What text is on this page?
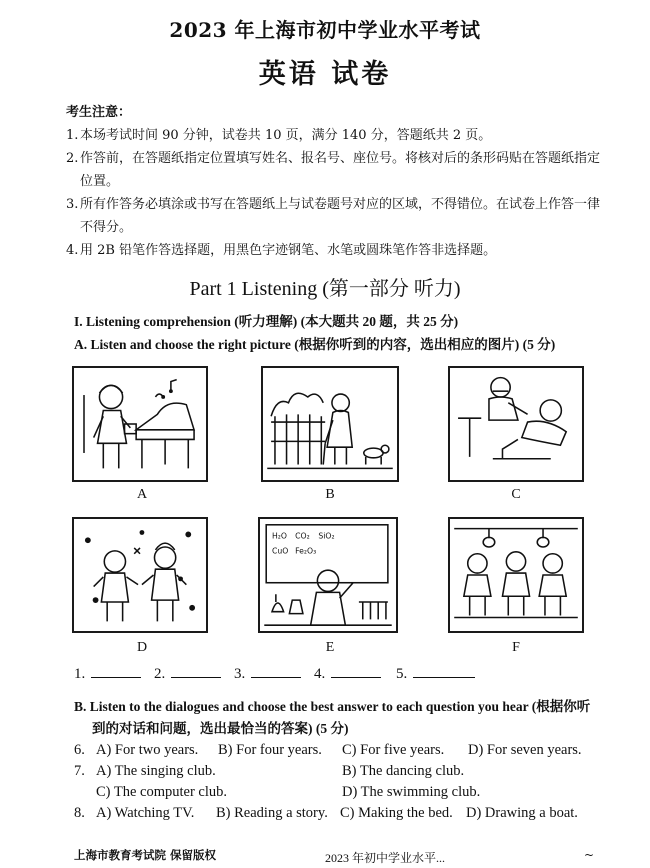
2023 年上海市初中学业水平考试
英语 试卷
考生注意：
1. 本场考试时间 90 分钟，试卷共 10 页，满分 140 分，答题纸共 2 页。
2. 作答前，在答题纸指定位置填写姓名、报名号、座位号。将核对后的条形码贴在答题纸指定位置。
3. 所有作答务必填涂或书写在答题纸上与试卷题号对应的区域，不得错位。在试卷上作答一律不得分。
4. 用 2B 铅笔作答选择题，用黑色字迹钢笔、水笔或圆珠笔作答非选择题。
Part 1 Listening (第一部分 听力)
I. Listening comprehension (听力理解) (本大题共 20 题，共 25 分)
A. Listen and choose the right picture (根据你听到的内容，选出相应的图片) (5 分)
A	B	C
D
H₂O CO₂ SiO₂
CuO Fe₂O₃
E	F
1.	2.	3.	4.	5.
B. Listen to the dialogues and choose the best answer to each question you hear (根据你听
到的对话和问题，选出最恰当的答案) (5 分)
6. A) For two years. B) For four years. C) For five years. D) For seven years.
7. A) The singing club.	B) The dancing club.
C) The computer club.	D) The swimming club.
8. A) Watching TV. B) Reading a story. C) Making the bed. D) Drawing a boat.
上海市教育考试院 保留版权	2023 年初中学业水平...	~
